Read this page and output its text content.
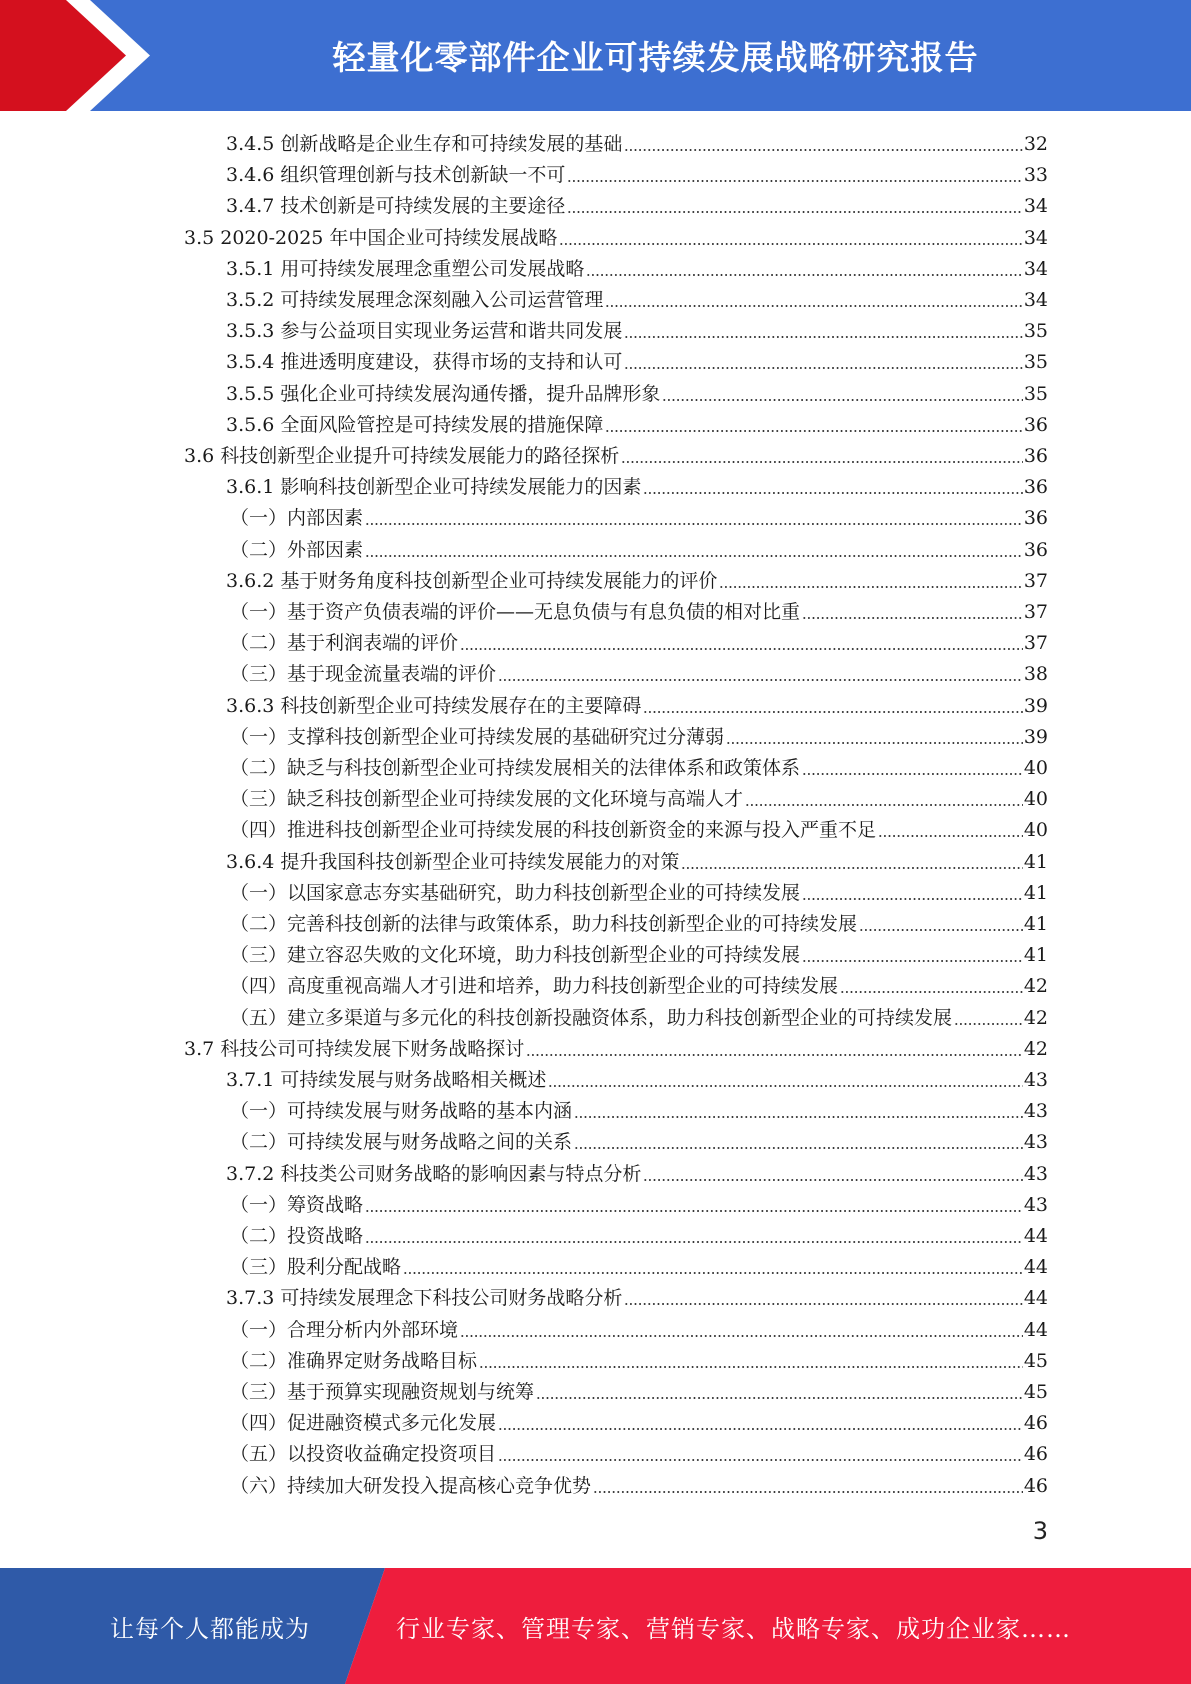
轻量化零部件企业可持续发展战略研究报告
3.4.5 创新战略是企业生存和可持续发展的基础	32
3.4.6 组织管理创新与技术创新缺一不可	33
3.4.7 技术创新是可持续发展的主要途径	34
3.5 2020-2025 年中国企业可持续发展战略	34
3.5.1 用可持续发展理念重塑公司发展战略	34
3.5.2 可持续发展理念深刻融入公司运营管理	34
3.5.3 参与公益项目实现业务运营和谐共同发展	35
3.5.4 推进透明度建设，获得市场的支持和认可	35
3.5.5 强化企业可持续发展沟通传播，提升品牌形象	35
3.5.6 全面风险管控是可持续发展的措施保障	36
3.6 科技创新型企业提升可持续发展能力的路径探析	36
3.6.1 影响科技创新型企业可持续发展能力的因素	36
（一）内部因素	36
（二）外部因素	36
3.6.2 基于财务角度科技创新型企业可持续发展能力的评价	37
（一）基于资产负债表端的评价——无息负债与有息负债的相对比重	37
（二）基于利润表端的评价	37
（三）基于现金流量表端的评价	38
3.6.3 科技创新型企业可持续发展存在的主要障碍	39
（一）支撑科技创新型企业可持续发展的基础研究过分薄弱	39
（二）缺乏与科技创新型企业可持续发展相关的法律体系和政策体系	40
（三）缺乏科技创新型企业可持续发展的文化环境与高端人才	40
（四）推进科技创新型企业可持续发展的科技创新资金的来源与投入严重不足	40
3.6.4 提升我国科技创新型企业可持续发展能力的对策	41
（一）以国家意志夯实基础研究，助力科技创新型企业的可持续发展	41
（二）完善科技创新的法律与政策体系，助力科技创新型企业的可持续发展	41
（三）建立容忍失败的文化环境，助力科技创新型企业的可持续发展	41
（四）高度重视高端人才引进和培养，助力科技创新型企业的可持续发展	42
（五）建立多渠道与多元化的科技创新投融资体系，助力科技创新型企业的可持续发展	42
3.7 科技公司可持续发展下财务战略探讨	42
3.7.1 可持续发展与财务战略相关概述	43
（一）可持续发展与财务战略的基本内涵	43
（二）可持续发展与财务战略之间的关系	43
3.7.2 科技类公司财务战略的影响因素与特点分析	43
（一）筹资战略	43
（二）投资战略	44
（三）股利分配战略	44
3.7.3 可持续发展理念下科技公司财务战略分析	44
（一）合理分析内外部环境	44
（二）准确界定财务战略目标	45
（三）基于预算实现融资规划与统筹	45
（四）促进融资模式多元化发展	46
（五）以投资收益确定投资项目	46
（六）持续加大研发投入提高核心竞争优势	46
3
让每个人都能成为	行业专家、管理专家、营销专家、战略专家、成功企业家……
